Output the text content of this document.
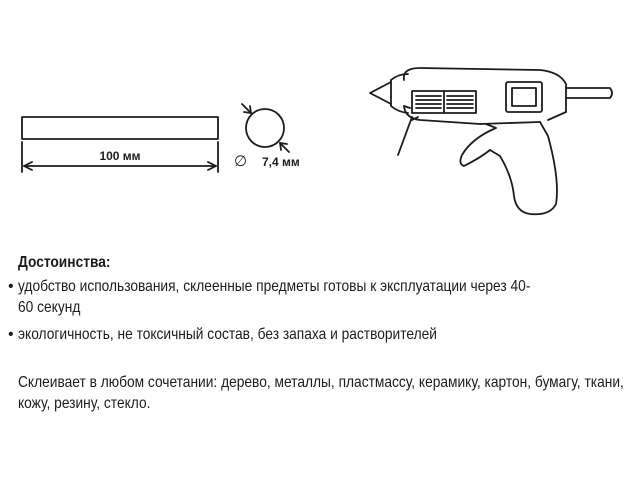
100 мм	∅ 7,4 мм
Достоинства:
• удобство использования, склеенные предметы готовы к эксплуатации через 40-60 секунд
• экологичность, не токсичный состав, без запаха и растворителей
Склеивает в любом сочетании: дерево, металлы, пластмассу, керамику, картон, бумагу, ткани, кожу, резину, стекло.
